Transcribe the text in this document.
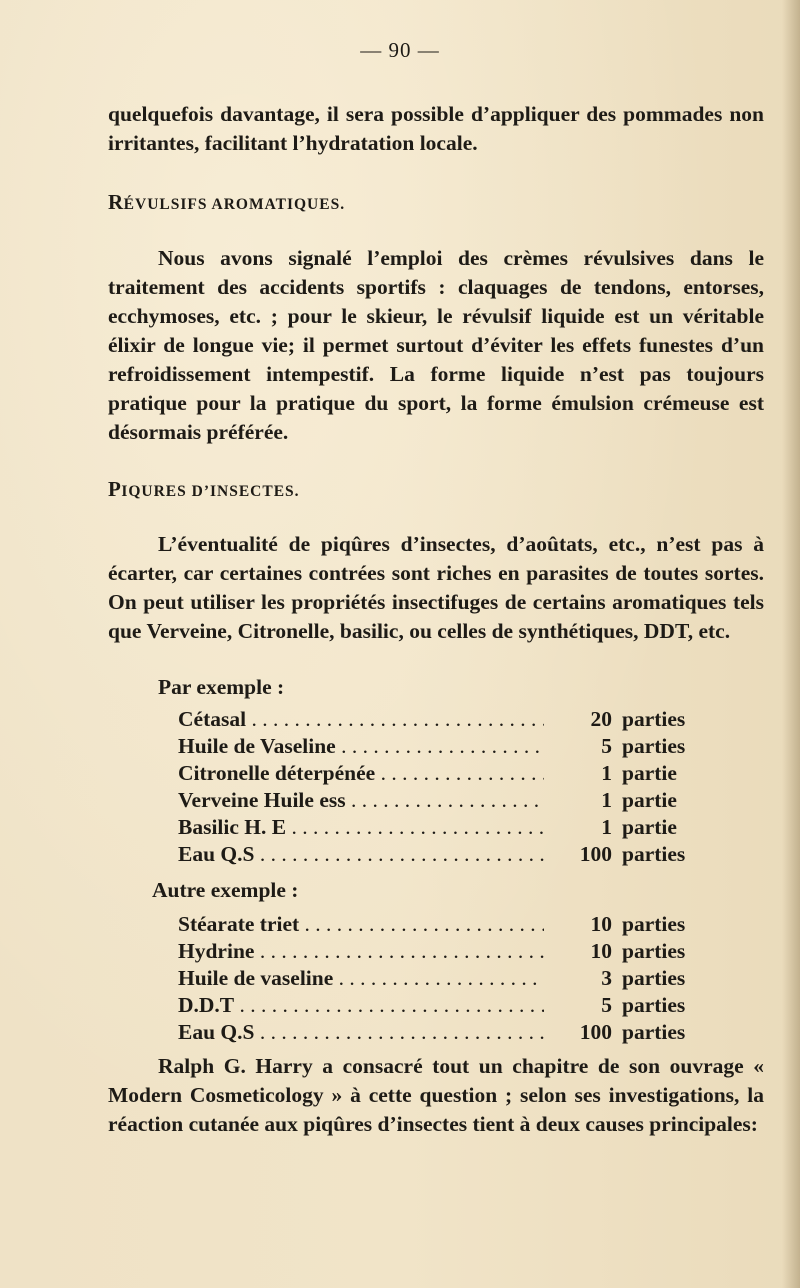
— 90 —

quelquefois davantage, il sera possible d’appliquer des pommades non irritantes, facilitant l’hydratation locale.

RÉVULSIFS AROMATIQUES.

Nous avons signalé l’emploi des crèmes révulsives dans le traitement des accidents sportifs : claquages de tendons, entorses, ecchymoses, etc. ; pour le skieur, le révulsif liquide est un véritable élixir de longue vie; il permet surtout d’éviter les effets funestes d’un refroidissement intempestif. La forme liquide n’est pas toujours pratique pour la pratique du sport, la forme émulsion crémeuse est désormais préférée.

PIQURES D’INSECTES.

L’éventualité de piqûres d’insectes, d’aoûtats, etc., n’est pas à écarter, car certaines contrées sont riches en parasites de toutes sortes. On peut utiliser les propriétés insectifuges de certains aromatiques tels que Verveine, Citronelle, basilic, ou celles de synthétiques, DDT, etc.

Par exemple :
Cétasal . . .	20 parties
Huile de Vaseline . . .	5 parties
Citronelle déterpénée . . .	1 partie
Verveine Huile ess . . .	1 partie
Basilic H. E . . .	1 partie
Eau Q.S . . .	100 parties
Autre exemple :
Stéarate triet . . .	10 parties
Hydrine . . .	10 parties
Huile de vaseline . . .	3 parties
D.D.T . . .	5 parties
Eau Q.S . . .	100 parties

Ralph G. Harry a consacré tout un chapitre de son ouvrage « Modern Cosmeticology » à cette question ; selon ses investigations, la réaction cutanée aux piqûres d’insectes tient à deux causes principales:
